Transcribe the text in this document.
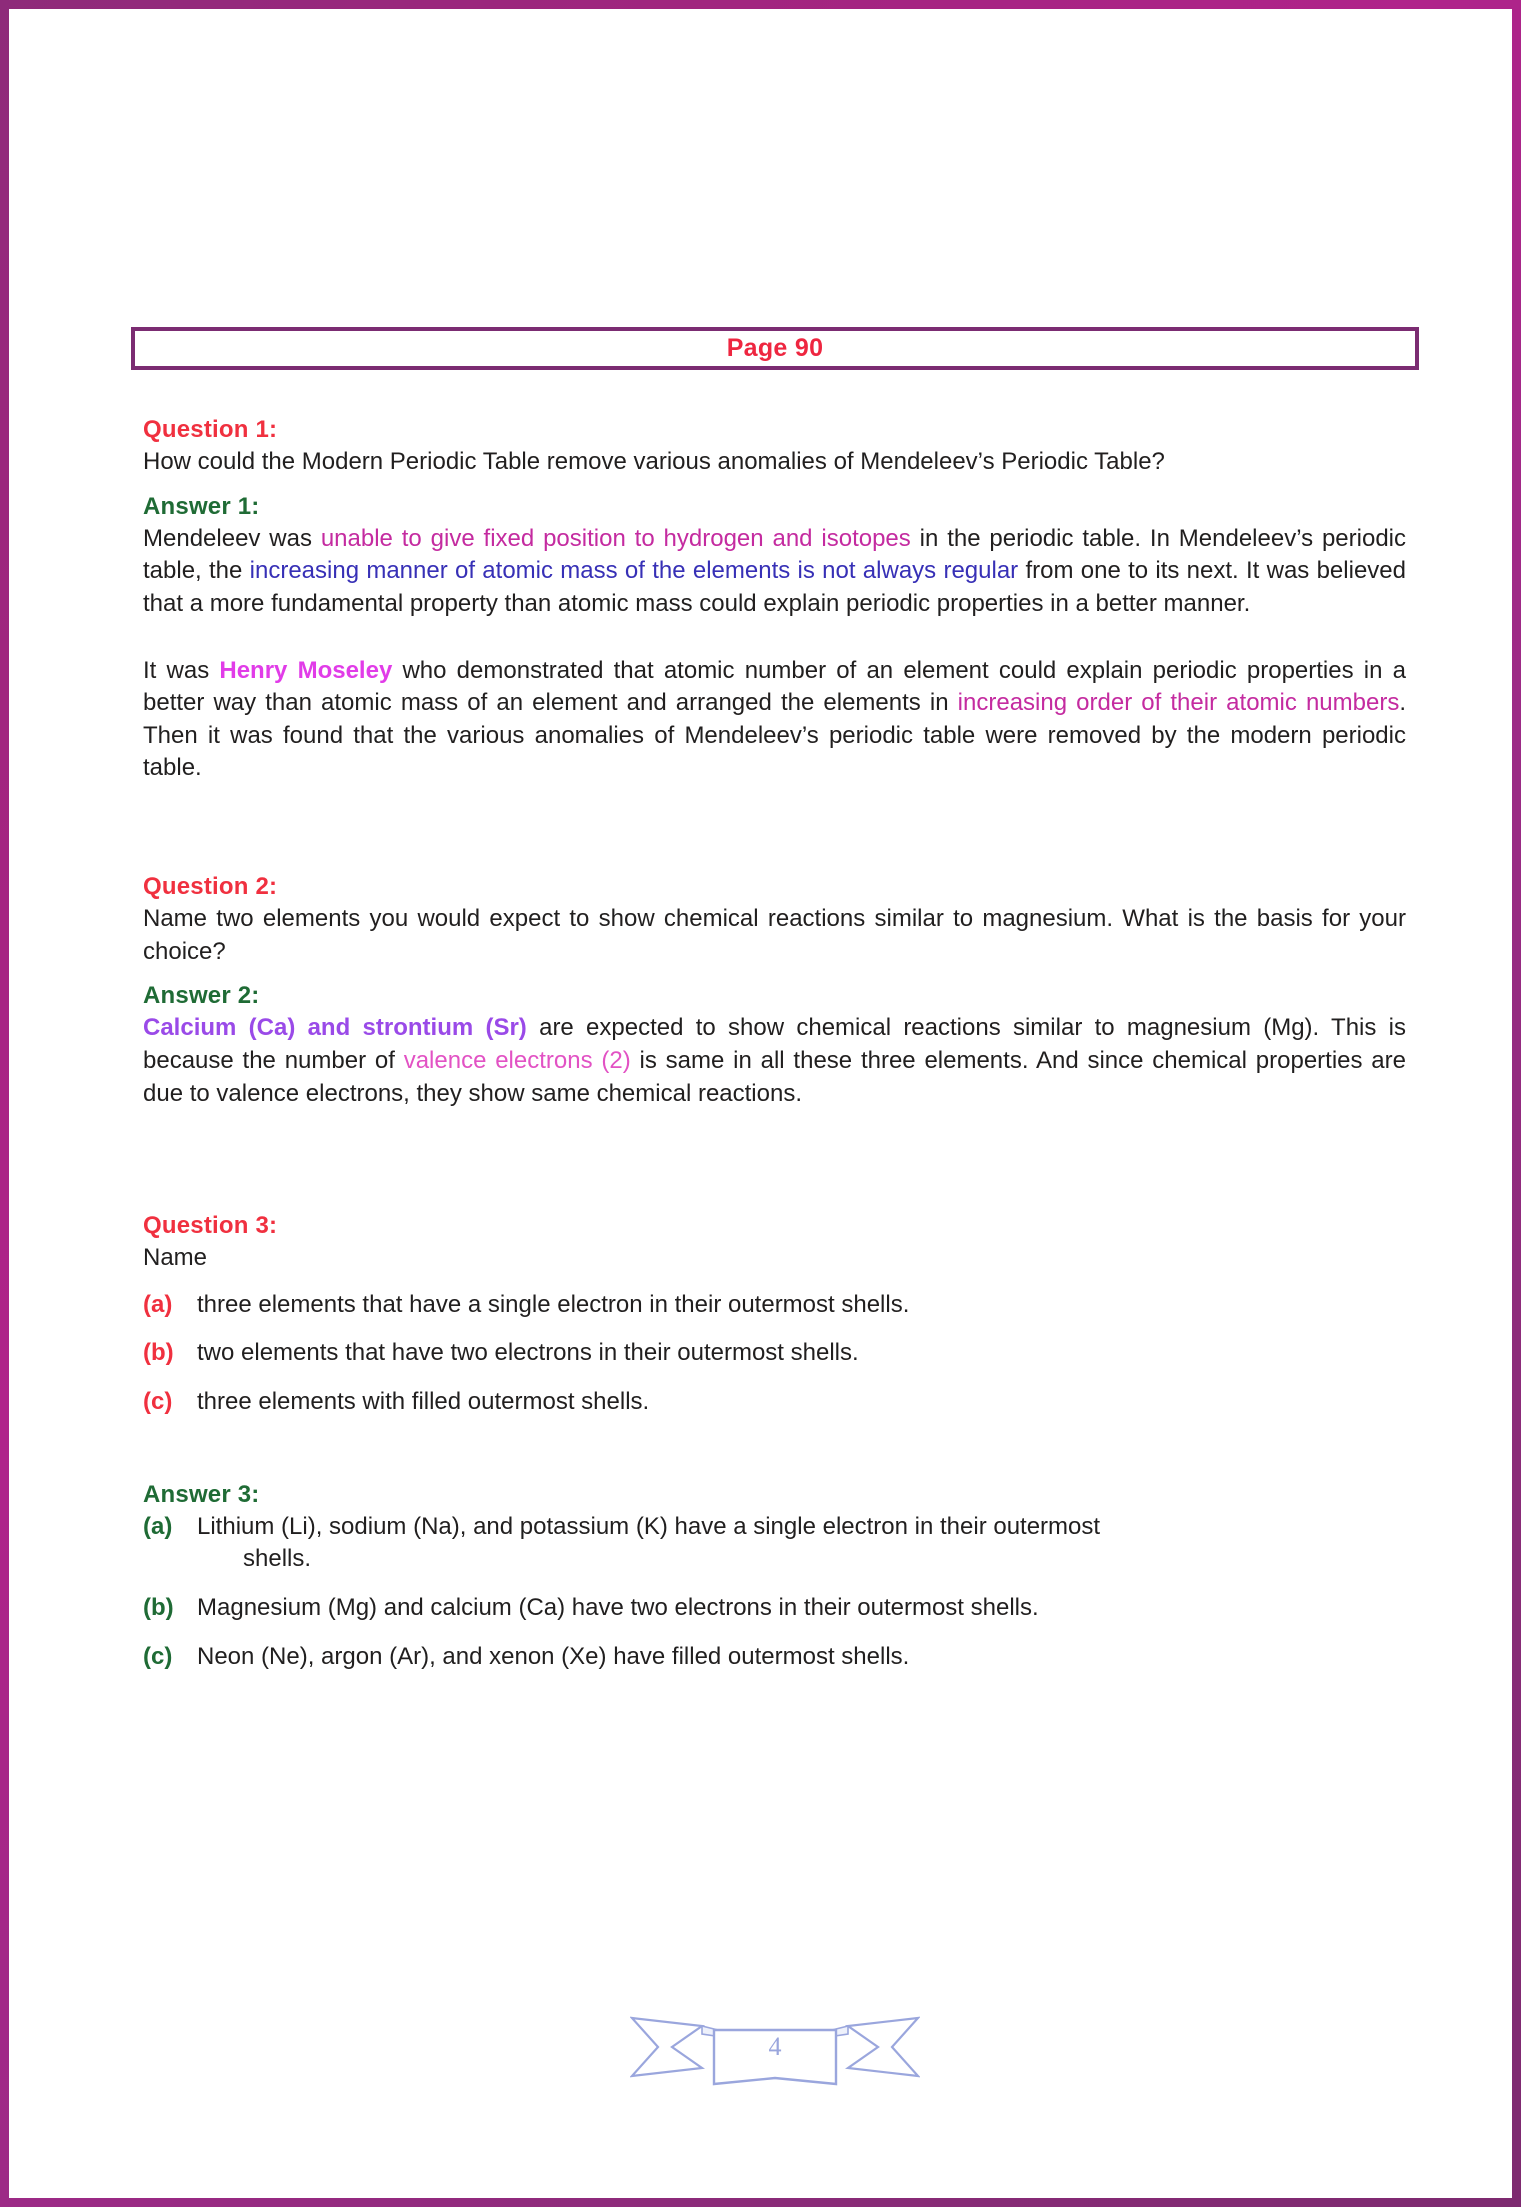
Page 90
Question 1:

How could the Modern Periodic Table remove various anomalies of Mendeleev’s Periodic Table?

Answer 1:

Mendeleev was unable to give fixed position to hydrogen and isotopes in the periodic table. In Mendeleev’s periodic table, the increasing manner of atomic mass of the elements is not always regular from one to its next. It was believed that a more fundamental property than atomic mass could explain periodic properties in a better manner.

It was Henry Moseley who demonstrated that atomic number of an element could explain periodic properties in a better way than atomic mass of an element and arranged the elements in increasing order of their atomic numbers. Then it was found that the various anomalies of Mendeleev’s periodic table were removed by the modern periodic table.

Question 2:

Name two elements you would expect to show chemical reactions similar to magnesium. What is the basis for your choice?

Answer 2:

Calcium (Ca) and strontium (Sr) are expected to show chemical reactions similar to magnesium (Mg). This is because the number of valence electrons (2) is same in all these three elements. And since chemical properties are due to valence electrons, they show same chemical reactions.

Question 3:

Name

(a)	three elements that have a single electron in their outermost shells.
(b) two elements that have two electrons in their outermost shells.
(c)	three elements with filled outermost shells.
Answer 3:
(a)	Lithium (Li), sodium (Na), and potassium (K) have a single electron in their outermost
shells.
(b) Magnesium (Mg) and calcium (Ca) have two electrons in their outermost shells.
(c)	Neon (Ne), argon (Ar), and xenon (Xe) have filled outermost shells.
4
